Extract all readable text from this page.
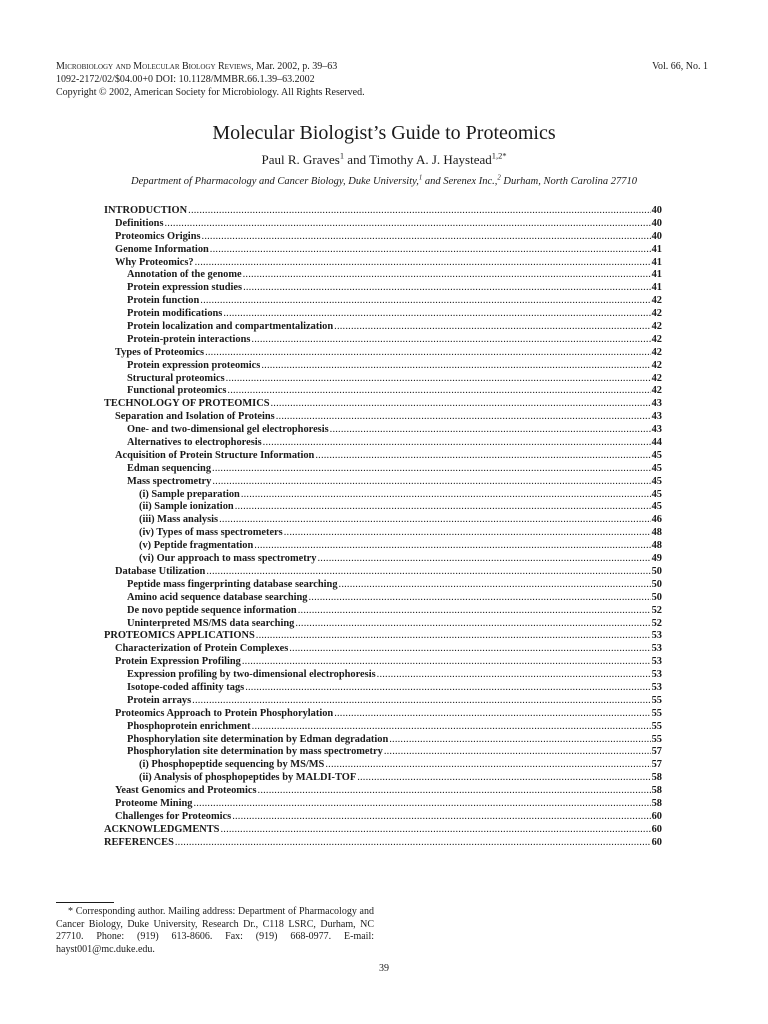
Microbiology and Molecular Biology Reviews, Mar. 2002, p. 39–63
1092-2172/02/$04.00+0 DOI: 10.1128/MMBR.66.1.39–63.2002
Copyright © 2002, American Society for Microbiology. All Rights Reserved.
Vol. 66, No. 1
Molecular Biologist’s Guide to Proteomics
Paul R. Graves$^1$ and Timothy A. J. Haystead$^{1,2*}$
Department of Pharmacology and Cancer Biology, Duke University,$^1$ and Serenex Inc.,$^2$ Durham, North Carolina 27710
INTRODUCTION .....	40
Definitions .....	40
Proteomics Origins .....	40
Genome Information .....	41
Why Proteomics? .....	41
Annotation of the genome .....	41
Protein expression studies .....	41
Protein function .....	42
Protein modifications .....	42
Protein localization and compartmentalization .....	42
Protein-protein interactions .....	42
Types of Proteomics .....	42
Protein expression proteomics .....	42
Structural proteomics .....	42
Functional proteomics .....	42
TECHNOLOGY OF PROTEOMICS .....	43
Separation and Isolation of Proteins .....	43
One- and two-dimensional gel electrophoresis .....	43
Alternatives to electrophoresis .....	44
Acquisition of Protein Structure Information .....	45
Edman sequencing .....	45
Mass spectrometry .....	45
(i) Sample preparation .....	45
(ii) Sample ionization .....	45
(iii) Mass analysis .....	46
(iv) Types of mass spectrometers .....	48
(v) Peptide fragmentation .....	48
(vi) Our approach to mass spectrometry .....	49
Database Utilization .....	50
Peptide mass fingerprinting database searching .....	50
Amino acid sequence database searching .....	50
De novo peptide sequence information .....	52
Uninterpreted MS/MS data searching .....	52
PROTEOMICS APPLICATIONS .....	53
Characterization of Protein Complexes .....	53
Protein Expression Profiling .....	53
Expression profiling by two-dimensional electrophoresis .....	53
Isotope-coded affinity tags .....	53
Protein arrays .....	55
Proteomics Approach to Protein Phosphorylation .....	55
Phosphoprotein enrichment .....	55
Phosphorylation site determination by Edman degradation .....	55
Phosphorylation site determination by mass spectrometry .....	57
(i) Phosphopeptide sequencing by MS/MS .....	57
(ii) Analysis of phosphopeptides by MALDI-TOF .....	58
Yeast Genomics and Proteomics .....	58
Proteome Mining .....	58
Challenges for Proteomics .....	60
ACKNOWLEDGMENTS .....	60
REFERENCES .....	60
* Corresponding author. Mailing address: Department of Pharmacology and Cancer Biology, Duke University, Research Dr., C118 LSRC, Durham, NC 27710. Phone: (919) 613-8606. Fax: (919) 668-0977. E-mail: hayst001@mc.duke.edu.
39
